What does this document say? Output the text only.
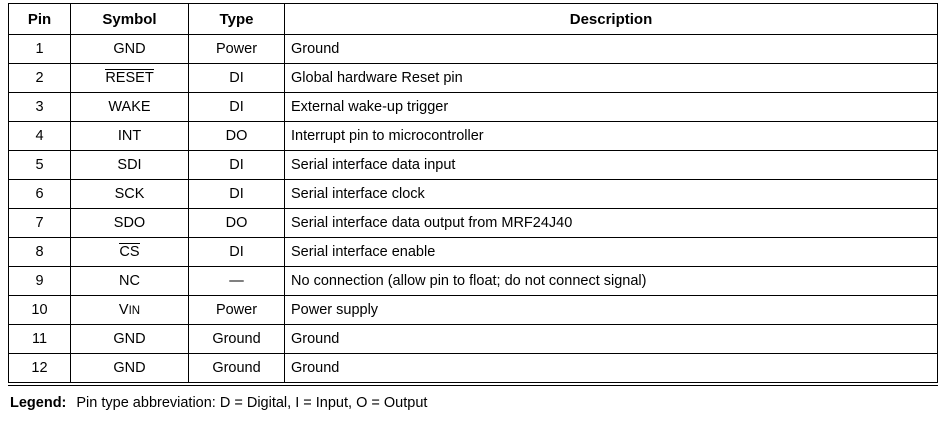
Pin	Symbol	Type	Description
1	GND	Power	Ground
2	RESET	DI	Global hardware Reset pin
3	WAKE	DI	External wake-up trigger
4	INT	DO	Interrupt pin to microcontroller
5	SDI	DI	Serial interface data input
6	SCK	DI	Serial interface clock
7	SDO	DO	Serial interface data output from MRF24J40
8	CS	DI	Serial interface enable
9	NC	—	No connection (allow pin to float; do not connect signal)
10	VIN	Power	Power supply
11	GND	Ground	Ground
12	GND	Ground	Ground
Legend: Pin type abbreviation: D = Digital, I = Input, O = Output
